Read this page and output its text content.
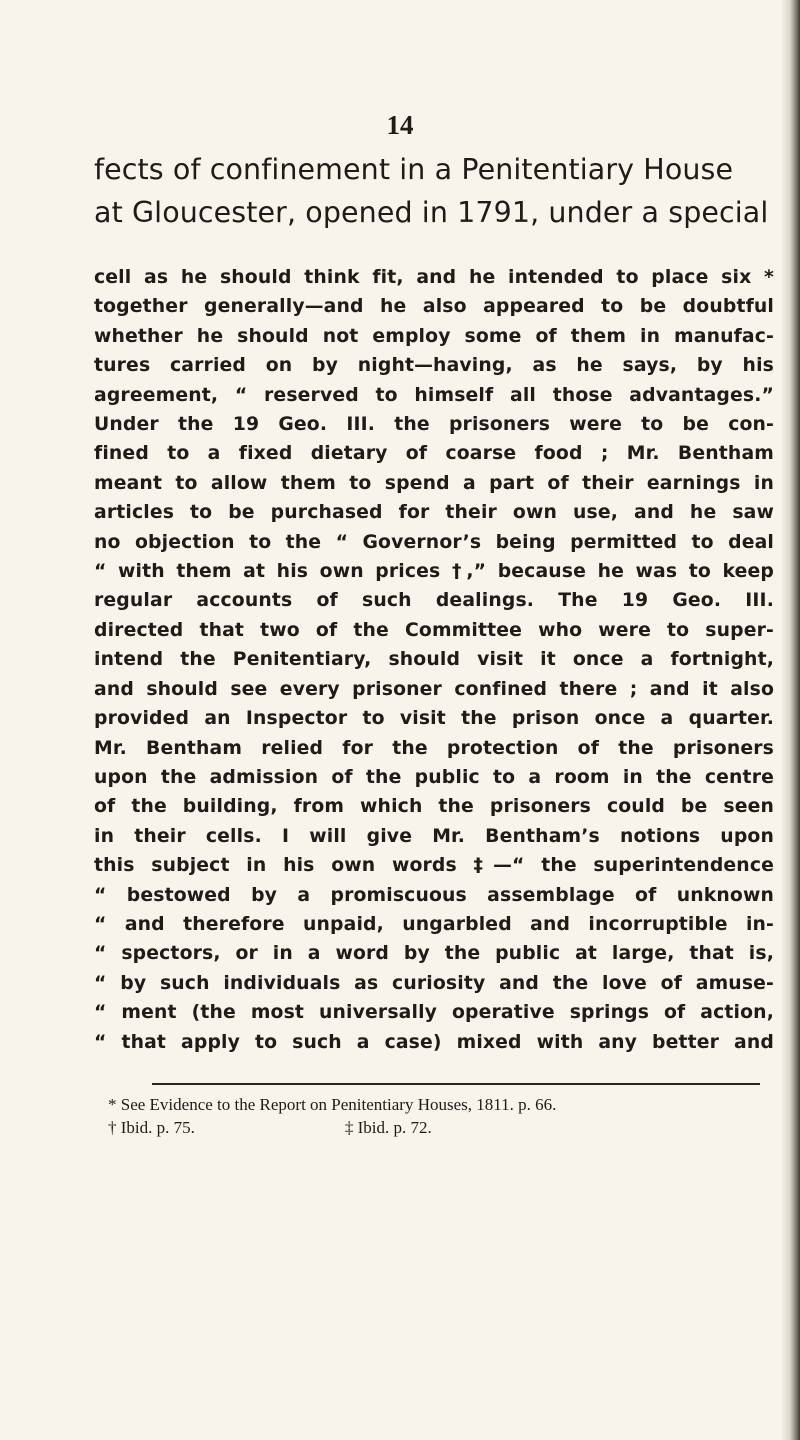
14
fects of confinement in a Penitentiary House
at Gloucester, opened in 1791, under a special
cell as he should think fit, and he intended to place six *
together generally—and he also appeared to be doubtful
whether he should not employ some of them in manufac-
tures carried on by night—having, as he says, by his
agreement, “ reserved to himself all those advantages.”
Under the 19 Geo. III. the prisoners were to be con-
fined to a fixed dietary of coarse food ; Mr. Bentham
meant to allow them to spend a part of their earnings in
articles to be purchased for their own use, and he saw
no objection to the “ Governor’s being permitted to deal
“ with them at his own prices †,” because he was to keep
regular accounts of such dealings. The 19 Geo. III.
directed that two of the Committee who were to super-
intend the Penitentiary, should visit it once a fortnight,
and should see every prisoner confined there ; and it also
provided an Inspector to visit the prison once a quarter.
Mr. Bentham relied for the protection of the prisoners
upon the admission of the public to a room in the centre
of the building, from which the prisoners could be seen
in their cells. I will give Mr. Bentham’s notions upon
this subject in his own words ‡—“ the superintendence
“ bestowed by a promiscuous assemblage of unknown
“ and therefore unpaid, ungarbled and incorruptible in-
“ spectors, or in a word by the public at large, that is,
“ by such individuals as curiosity and the love of amuse-
“ ment (the most universally operative springs of action,
“ that apply to such a case) mixed with any better and
* See Evidence to the Report on Penitentiary Houses, 1811. p. 66.
† Ibid. p. 75.	‡ Ibid. p. 72.
